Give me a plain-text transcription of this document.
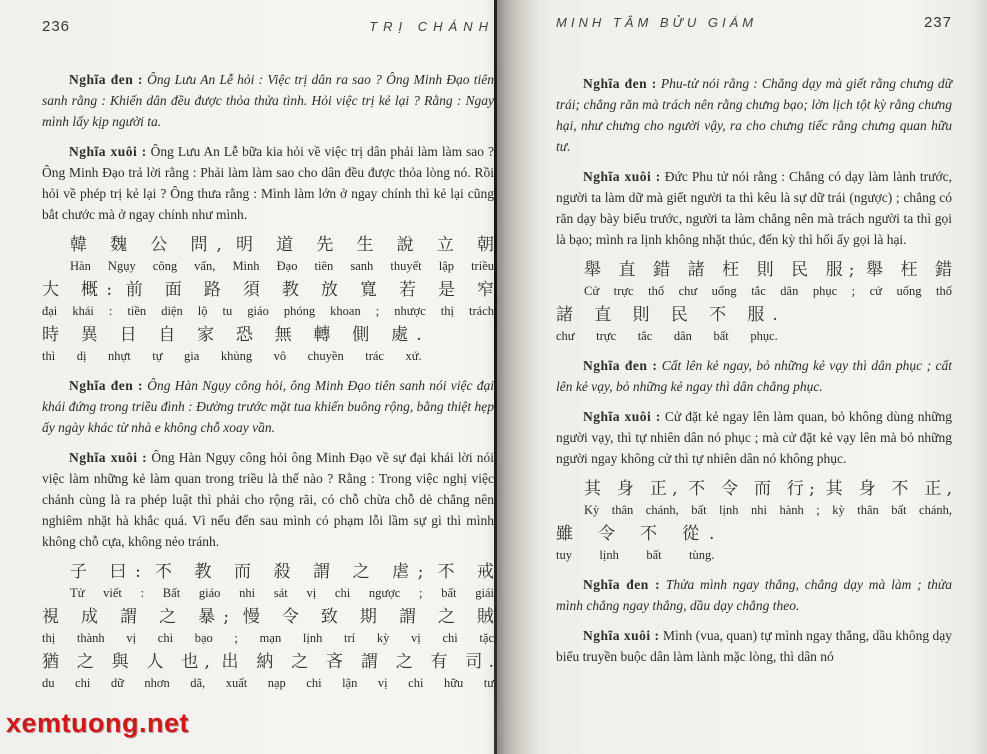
236	TRỊ CHÁNH

Nghĩa đen : Ông Lưu An Lễ hỏi : Việc trị dân ra sao ? Ông Minh Đạo tiên sanh rằng : Khiến dân đều được thỏa thửa tình. Hỏi việc trị kẻ lại ? Rằng : Ngay mình lấy kịp người ta.

Nghĩa xuôi : Ông Lưu An Lễ bữa kia hỏi về việc trị dân phải làm làm sao ? Ông Minh Đạo trả lời rằng : Phải làm làm sao cho dân đều được thỏa lòng nó. Rồi hỏi về phép trị kẻ lại ? Ông thưa rằng : Mình làm lớn ở ngay chính thì kẻ lại cũng bắt chước mà ở ngay chính như mình.

韓 魏 公 問, 明 道 先 生 說 立 朝
Hàn Ngụy công vấn, Minh Đạo tiên sanh thuyết lập triều
大 概: 前 面 路 須 教 放 寬 若 是 窄
đại khái : tiền diện lộ tu giáo phóng khoan ; nhược thị trách
時 異 日 自 家 恐 無 轉 側 處.
thì dị nhựt tự gia khủng vô chuyền trác xứ.

Nghĩa đen : Ông Hàn Ngụy công hỏi, ông Minh Đạo tiên sanh nói việc đại khái đứng trong triều đình : Đường trước mặt tua khiến buông rộng, bằng thiệt hẹp ấy ngày khác từ nhà e không chỗ xoay vần.

Nghĩa xuôi : Ông Hàn Ngụy công hỏi ông Minh Đạo về sự đại khái lời nói việc làm những kẻ làm quan trong triều là thế nào ? Rằng : Trong việc nghị việc chánh cùng là ra phép luật thì phải cho rộng rãi, có chỗ chừa chỗ dè chẳng nên nghiêm nhặt hà khắc quá. Vì nếu đến sau mình có phạm lỗi lầm sự gì thì mình không chỗ cựa, không nẻo tránh.

子 曰: 不 教 而 殺 謂 之 虐; 不 戒
Tử viết : Bất giáo nhi sát vị chi ngược ; bất giái
視 成 謂 之 暴; 慢 令 致 期 謂 之 賊
thị thành vị chi bạo ; mạn lịnh trí kỳ vị chi tặc
猶 之 與 人 也, 出 納 之 吝 謂 之 有 司.
du chi dữ nhơn dã, xuất nạp chi lận vị chi hữu tư
MINH TÂM BỬU GIÁM	237

Nghĩa đen : Phu-tử nói rằng : Chẳng dạy mà giết rằng chưng dữ trái; chẳng răn mà trách nên rằng chưng bạo; lờn lịch tột kỳ rằng chưng hại, như chưng cho người vậy, ra cho chưng tiếc rằng chưng quan hữu tư.

Nghĩa xuôi : Đức Phu tử nói rằng : Chẳng có dạy làm lành trước, người ta làm dữ mà giết người ta thì kêu là sự dữ trái (ngược) ; chẳng có răn dạy bày biểu trước, người ta làm chẳng nên mà trách người ta thì gọi là bạo; mình ra lịnh không nhặt thúc, đến kỳ thì hối ấy gọi là hại.

舉 直 錯 諸 枉 則 民 服; 舉 枉 錯
Cử trực thố chư uổng tắc dân phục ; cử uổng thố
諸 直 則 民 不 服.
chư trực tắc dân bất phục.

Nghĩa đen : Cất lên kẻ ngay, bỏ những kẻ vạy thì dân phục ; cất lên kẻ vạy, bỏ những kẻ ngay thì dân chẳng phục.

Nghĩa xuôi : Cử đặt kẻ ngay lên làm quan, bỏ không dùng những người vạy, thì tự nhiên dân nó phục ; mà cử đặt kẻ vạy lên mà bỏ những người ngay không cử thì tự nhiên dân nó không phục.

其 身 正, 不 令 而 行; 其 身 不 正,
Kỳ thân chánh, bất lịnh nhi hành ; kỳ thân bất chánh,
雖 令 不 從.
tuy lịnh bất tùng.

Nghĩa đen : Thửa mình ngay thẳng, chẳng dạy mà làm ; thửa mình chẳng ngay thẳng, dầu dạy chẳng theo.

Nghĩa xuôi : Mình (vua, quan) tự mình ngay thẳng, dầu không dạy biểu truyền buộc dân làm lành mặc lòng, thì dân nó

xemtuong.net
